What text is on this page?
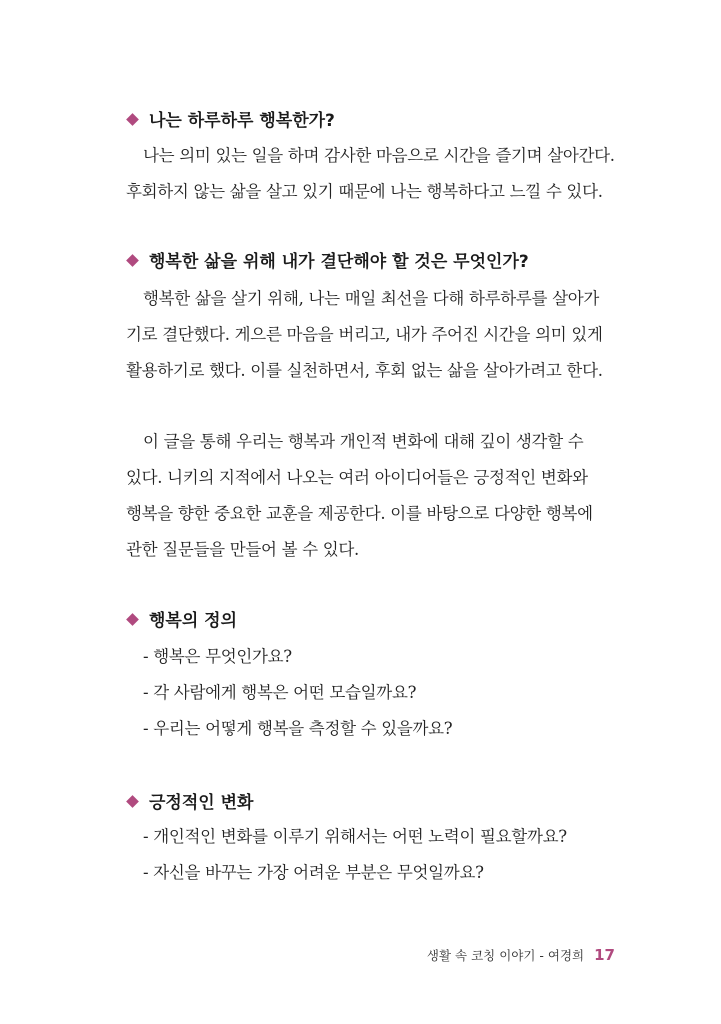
나는 하루하루 행복한가?
나는 의미 있는 일을 하며 감사한 마음으로 시간을 즐기며 살아간다.
후회하지 않는 삶을 살고 있기 때문에 나는 행복하다고 느낄 수 있다.
행복한 삶을 위해 내가 결단해야 할 것은 무엇인가?
행복한 삶을 살기 위해, 나는 매일 최선을 다해 하루하루를 살아가
기로 결단했다. 게으른 마음을 버리고, 내가 주어진 시간을 의미 있게
활용하기로 했다. 이를 실천하면서, 후회 없는 삶을 살아가려고 한다.
이 글을 통해 우리는 행복과 개인적 변화에 대해 깊이 생각할 수
있다. 니키의 지적에서 나오는 여러 아이디어들은 긍정적인 변화와
행복을 향한 중요한 교훈을 제공한다. 이를 바탕으로 다양한 행복에
관한 질문들을 만들어 볼 수 있다.
행복의 정의
- 행복은 무엇인가요?
- 각 사람에게 행복은 어떤 모습일까요?
- 우리는 어떻게 행복을 측정할 수 있을까요?
긍정적인 변화
- 개인적인 변화를 이루기 위해서는 어떤 노력이 필요할까요?
- 자신을 바꾸는 가장 어려운 부분은 무엇일까요?
생활 속 코칭 이야기 - 여경희 17
